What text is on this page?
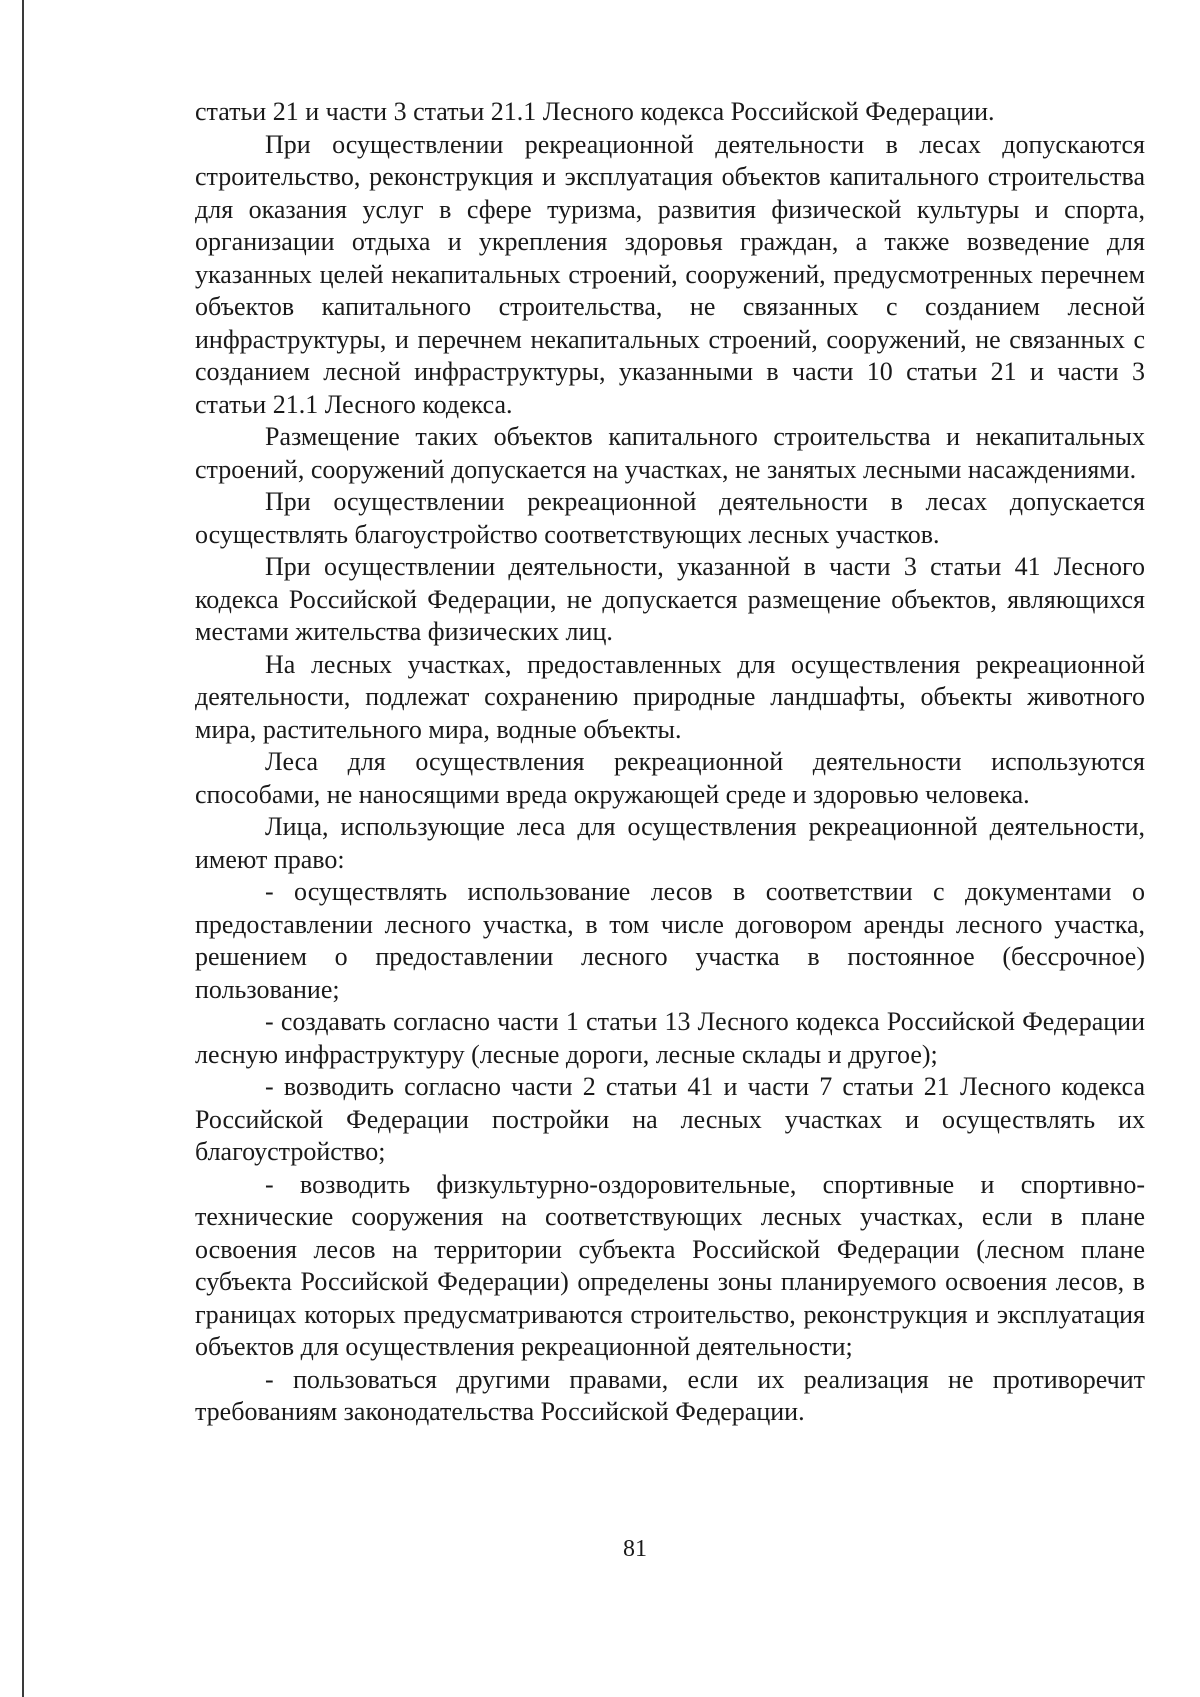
статьи 21 и части 3 статьи 21.1 Лесного кодекса Российской Федерации.

При осуществлении рекреационной деятельности в лесах допускаются строительство, реконструкция и эксплуатация объектов капитального строительства для оказания услуг в сфере туризма, развития физической культуры и спорта, организации отдыха и укрепления здоровья граждан, а также возведение для указанных целей некапитальных строений, сооружений, предусмотренных перечнем объектов капитального строительства, не связанных с созданием лесной инфраструктуры, и перечнем некапитальных строений, сооружений, не связанных с созданием лесной инфраструктуры, указанными в части 10 статьи 21 и части 3 статьи 21.1 Лесного кодекса.

Размещение таких объектов капитального строительства и некапитальных строений, сооружений допускается на участках, не занятых лесными насаждениями.

При осуществлении рекреационной деятельности в лесах допускается осуществлять благоустройство соответствующих лесных участков.

При осуществлении деятельности, указанной в части 3 статьи 41 Лесного кодекса Российской Федерации, не допускается размещение объектов, являющихся местами жительства физических лиц.

На лесных участках, предоставленных для осуществления рекреационной деятельности, подлежат сохранению природные ландшафты, объекты животного мира, растительного мира, водные объекты.

Леса для осуществления рекреационной деятельности используются способами, не наносящими вреда окружающей среде и здоровью человека.

Лица, использующие леса для осуществления рекреационной деятельности, имеют право:

- осуществлять использование лесов в соответствии с документами о предоставлении лесного участка, в том числе договором аренды лесного участка, решением о предоставлении лесного участка в постоянное (бессрочное) пользование;

- создавать согласно части 1 статьи 13 Лесного кодекса Российской Федерации лесную инфраструктуру (лесные дороги, лесные склады и другое);

- возводить согласно части 2 статьи 41 и части 7 статьи 21 Лесного кодекса Российской Федерации постройки на лесных участках и осуществлять их благоустройство;

- возводить физкультурно-оздоровительные, спортивные и спортивно-технические сооружения на соответствующих лесных участках, если в плане освоения лесов на территории субъекта Российской Федерации (лесном плане субъекта Российской Федерации) определены зоны планируемого освоения лесов, в границах которых предусматриваются строительство, реконструкция и эксплуатация объектов для осуществления рекреационной деятельности;

- пользоваться другими правами, если их реализация не противоречит требованиям законодательства Российской Федерации.

81
